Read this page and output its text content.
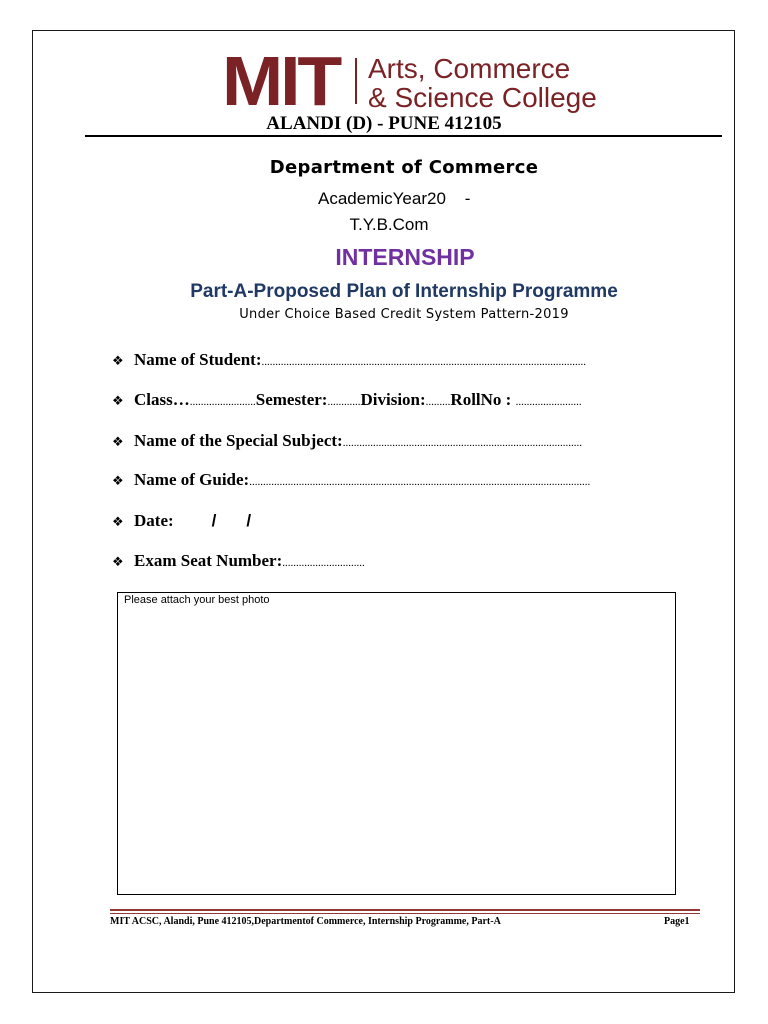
MIT Arts, Commerce
& Science College
ALANDI (D) - PUNE 412105
Department of Commerce
AcademicYear20    -
T.Y.B.Com
INTERNSHIP
Part-A-Proposed Plan of Internship Programme
Under Choice Based Credit System Pattern-2019
❖ Name of Student:......................................................................................................................
❖ Class…........................Semester:............Division:.........RollNo : ........................
❖ Name of the Special Subject:.......................................................................................
❖ Name of Guide:............................................................................................................................
❖ Date: / /
❖ Exam Seat Number:..............................
Please attach your best photo
MIT ACSC, Alandi, Pune 412105,Departmentof Commerce, Internship Programme, Part-A	Page1
